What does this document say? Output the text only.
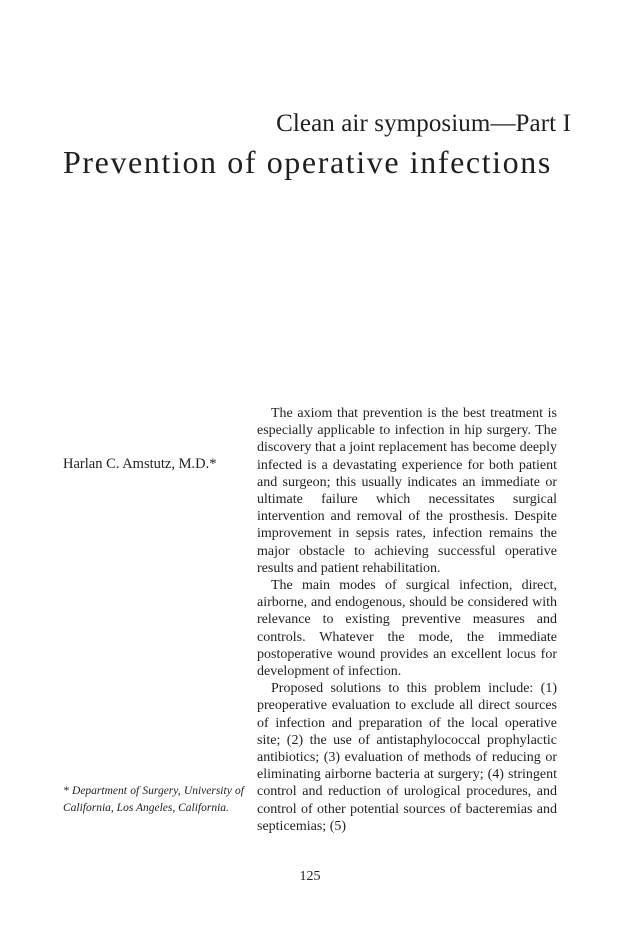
Clean air symposium—Part I
Prevention of operative infections
Harlan C. Amstutz, M.D.*

* Department of Surgery, University of California, Los Angeles, California.

The axiom that prevention is the best treatment is especially applicable to infection in hip surgery. The discovery that a joint replacement has become deeply infected is a devastating experience for both patient and surgeon; this usually indicates an immediate or ultimate failure which necessitates surgical intervention and removal of the prosthesis. Despite improvement in sepsis rates, infection remains the major obstacle to achieving successful operative results and patient rehabilitation.

The main modes of surgical infection, direct, airborne, and endogenous, should be considered with relevance to existing preventive measures and controls. Whatever the mode, the immediate postoperative wound provides an excellent locus for development of infection.

Proposed solutions to this problem include: (1) preoperative evaluation to exclude all direct sources of infection and preparation of the local operative site; (2) the use of antistaphylococcal prophylactic antibiotics; (3) evaluation of methods of reducing or eliminating airborne bacteria at surgery; (4) stringent control and reduction of urological procedures, and control of other potential sources of bacteremias and septicemias; (5)

125
